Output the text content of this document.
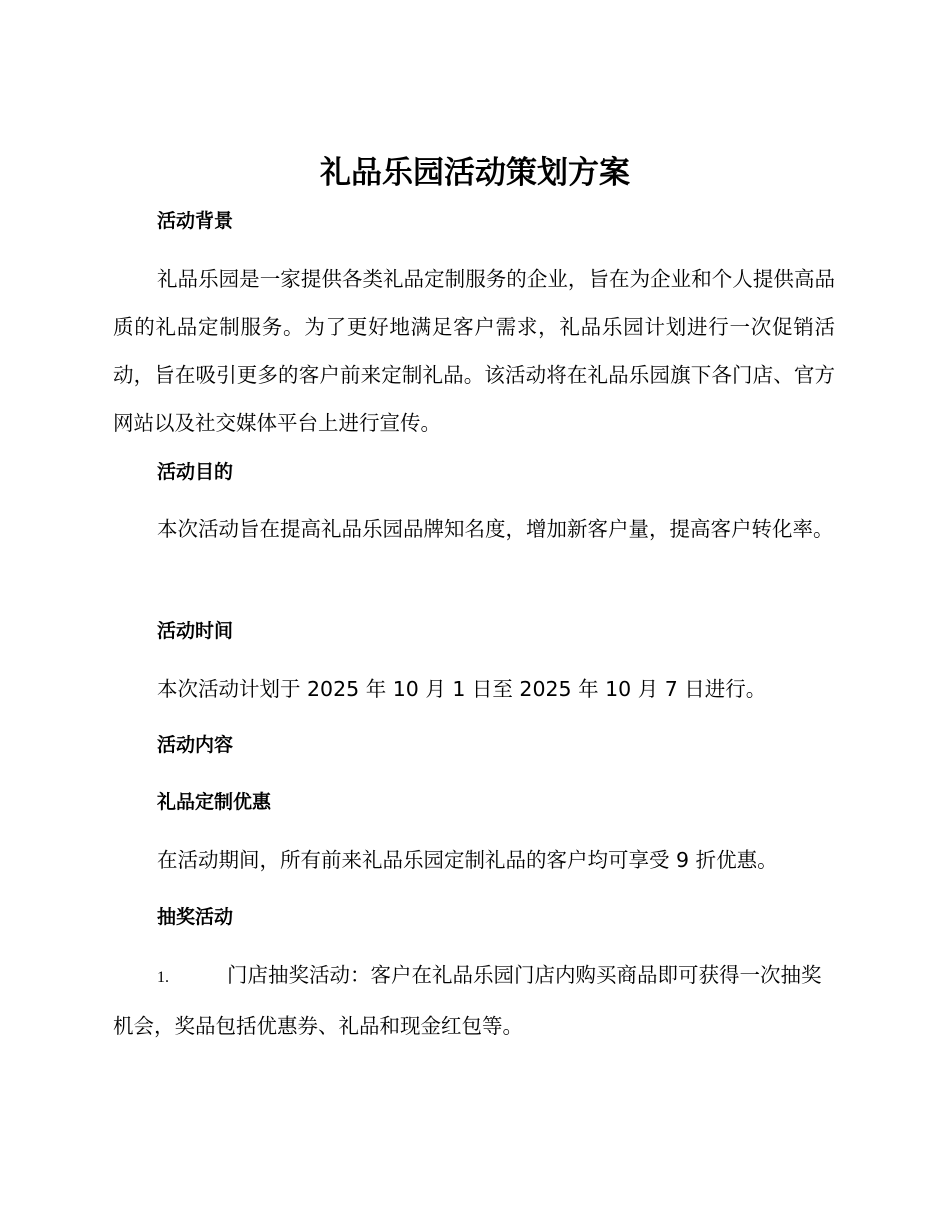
礼品乐园活动策划方案
活动背景

礼品乐园是一家提供各类礼品定制服务的企业，旨在为企业和个人提供高品质的礼品定制服务。为了更好地满足客户需求，礼品乐园计划进行一次促销活动，旨在吸引更多的客户前来定制礼品。该活动将在礼品乐园旗下各门店、官方网站以及社交媒体平台上进行宣传。

活动目的

本次活动旨在提高礼品乐园品牌知名度，增加新客户量，提高客户转化率。

活动时间

本次活动计划于 2025 年 10 月 1 日至 2025 年 10 月 7 日进行。

活动内容
礼品定制优惠

在活动期间，所有前来礼品乐园定制礼品的客户均可享受 9 折优惠。

抽奖活动

1.	门店抽奖活动：客户在礼品乐园门店内购买商品即可获得一次抽奖机会，奖品包括优惠券、礼品和现金红包等。
